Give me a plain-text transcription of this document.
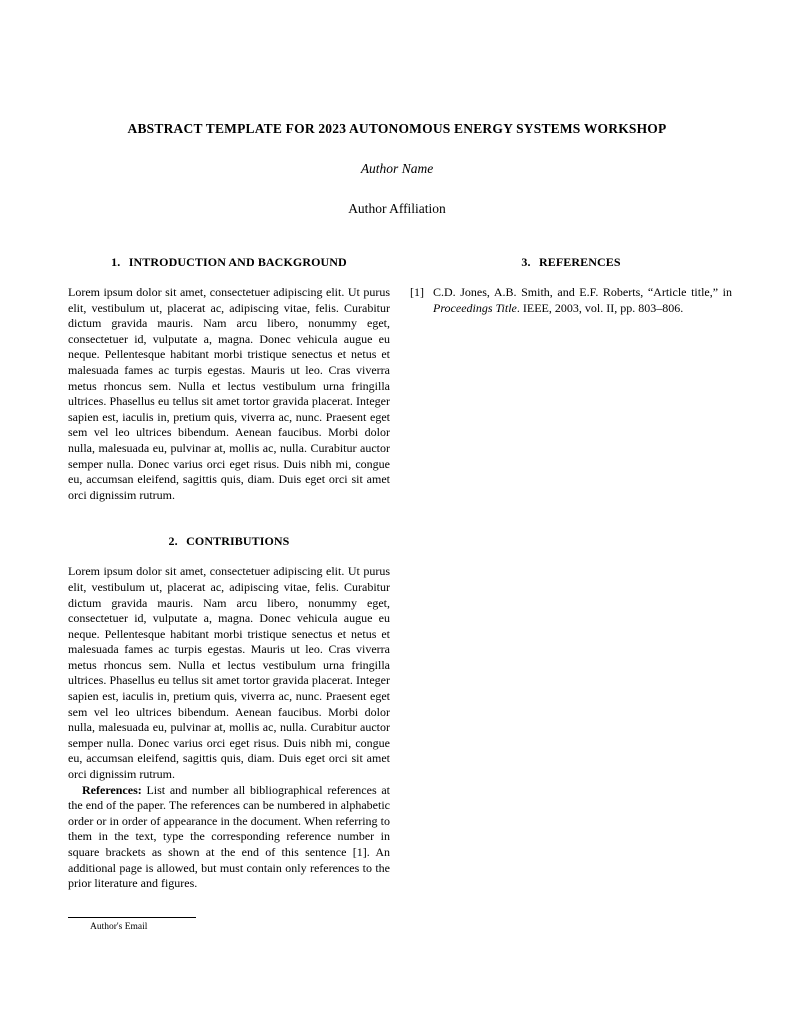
ABSTRACT TEMPLATE FOR 2023 AUTONOMOUS ENERGY SYSTEMS WORKSHOP
Author Name
Author Affiliation
1. INTRODUCTION AND BACKGROUND

Lorem ipsum dolor sit amet, consectetuer adipiscing elit. Ut purus elit, vestibulum ut, placerat ac, adipiscing vitae, felis. Curabitur dictum gravida mauris. Nam arcu libero, nonummy eget, consectetuer id, vulputate a, magna. Donec vehicula augue eu neque. Pellentesque habitant morbi tristique senectus et netus et malesuada fames ac turpis egestas. Mauris ut leo. Cras viverra metus rhoncus sem. Nulla et lectus vestibulum urna fringilla ultrices. Phasellus eu tellus sit amet tortor gravida placerat. Integer sapien est, iaculis in, pretium quis, viverra ac, nunc. Praesent eget sem vel leo ultrices bibendum. Aenean faucibus. Morbi dolor nulla, malesuada eu, pulvinar at, mollis ac, nulla. Curabitur auctor semper nulla. Donec varius orci eget risus. Duis nibh mi, congue eu, accumsan eleifend, sagittis quis, diam. Duis eget orci sit amet orci dignissim rutrum.

2. CONTRIBUTIONS

Lorem ipsum dolor sit amet, consectetuer adipiscing elit. Ut purus elit, vestibulum ut, placerat ac, adipiscing vitae, felis. Curabitur dictum gravida mauris. Nam arcu libero, nonummy eget, consectetuer id, vulputate a, magna. Donec vehicula augue eu neque. Pellentesque habitant morbi tristique senectus et netus et malesuada fames ac turpis egestas. Mauris ut leo. Cras viverra metus rhoncus sem. Nulla et lectus vestibulum urna fringilla ultrices. Phasellus eu tellus sit amet tortor gravida placerat. Integer sapien est, iaculis in, pretium quis, viverra ac, nunc. Praesent eget sem vel leo ultrices bibendum. Aenean faucibus. Morbi dolor nulla, malesuada eu, pulvinar at, mollis ac, nulla. Curabitur auctor semper nulla. Donec varius orci eget risus. Duis nibh mi, congue eu, accumsan eleifend, sagittis quis, diam. Duis eget orci sit amet orci dignissim rutrum.

References: List and number all bibliographical references at the end of the paper. The references can be numbered in alphabetic order or in order of appearance in the document. When referring to them in the text, type the corresponding reference number in square brackets as shown at the end of this sentence [1]. An additional page is allowed, but must contain only references to the prior literature and figures.

3. REFERENCES
[1] C.D. Jones, A.B. Smith, and E.F. Roberts, “Article title,” in Proceedings Title. IEEE, 2003, vol. II, pp. 803–806.
Author's Email
